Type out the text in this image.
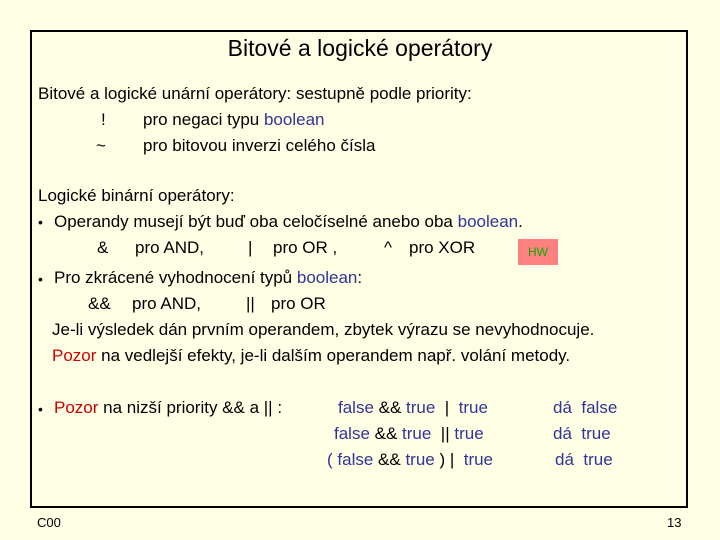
Bitové a logické operátory
Bitové a logické unární operátory: sestupně podle priority:
! pro negaci typu boolean
~ pro bitovou inverzi celého čísla
Logické binární operátory:
• Operandy musejí být buď oba celočíselné anebo oba boolean.
& pro AND,	| pro OR ,	^ pro XOR	HW
• Pro zkrácené vyhodnocení typů boolean:
&& pro AND,	|| pro OR
Je-li výsledek dán prvním operandem, zbytek výrazu se nevyhodnocuje.
Pozor na vedlejší efekty, je-li dalším operandem např. volání metody.
• Pozor na nizší priority && a || :	false && true  |  true	dá  false
false && true  || true	dá  true
( false && true ) |  true	dá  true
C00	13
